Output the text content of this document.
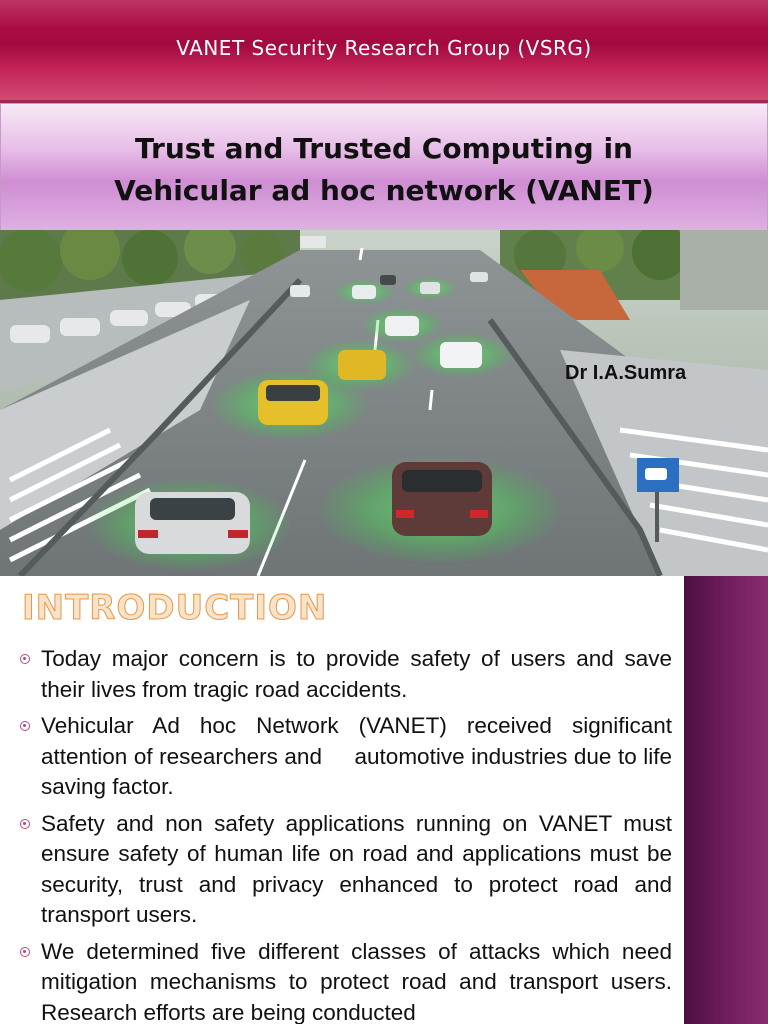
VANET Security Research Group (VSRG)
Trust and Trusted Computing in
Vehicular ad hoc network (VANET)
Dr I.A.Sumra
INTRODUCTION
Today major concern is to provide safety of users and save their lives from tragic road accidents.
Vehicular Ad hoc Network (VANET) received significant attention of researchers and     automotive industries due to life saving factor.
Safety and non safety applications running on VANET must ensure safety of human life on road and applications must be security, trust and privacy enhanced to protect road and transport users.
We determined five different classes of attacks which need mitigation mechanisms to protect road and transport users. Research efforts are being conducted
